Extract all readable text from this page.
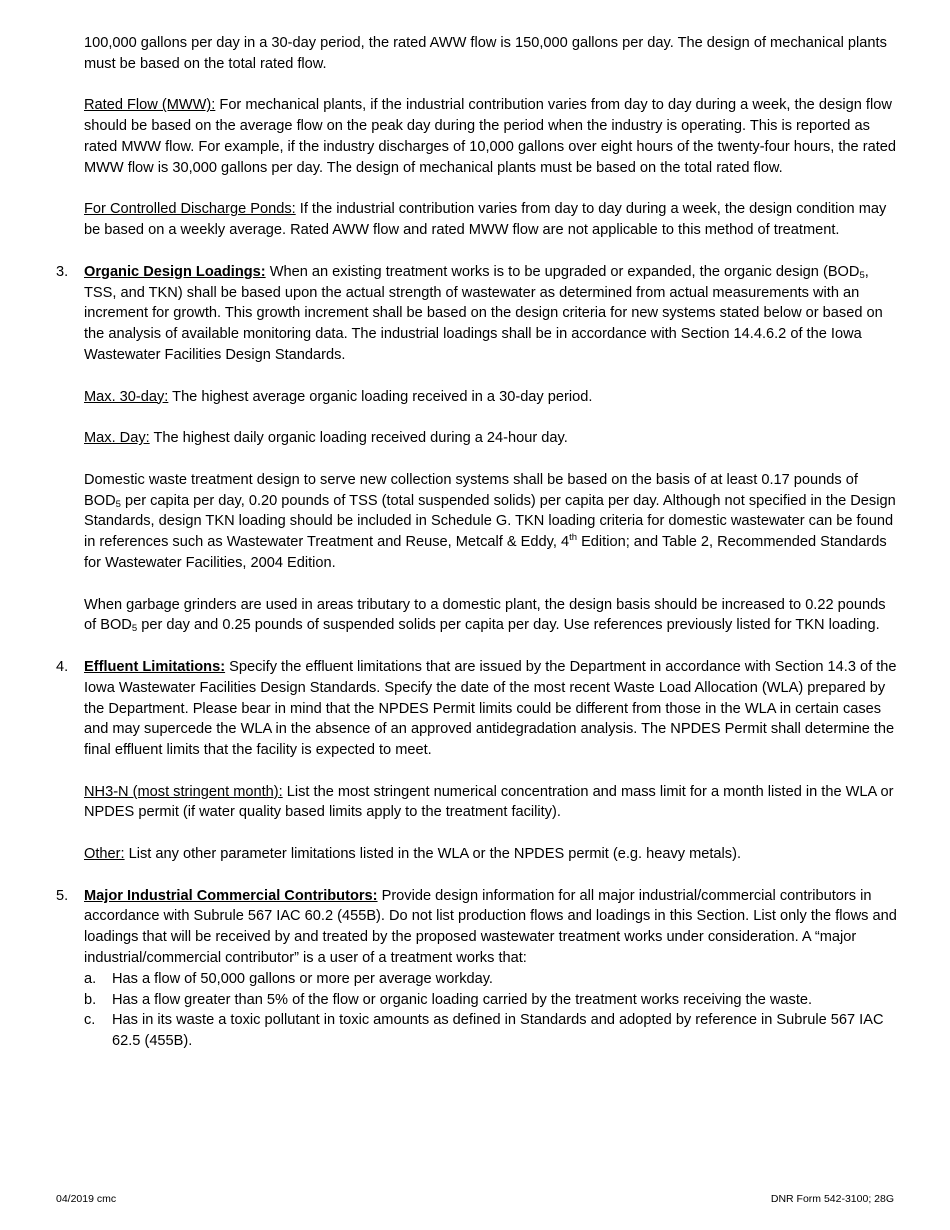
100,000 gallons per day in a 30-day period, the rated AWW flow is 150,000 gallons per day. The design of mechanical plants must be based on the total rated flow.

Rated Flow (MWW): For mechanical plants, if the industrial contribution varies from day to day during a week, the design flow should be based on the average flow on the peak day during the period when the industry is operating. This is reported as rated MWW flow. For example, if the industry discharges of 10,000 gallons over eight hours of the twenty-four hours, the rated MWW flow is 30,000 gallons per day. The design of mechanical plants must be based on the total rated flow.

For Controlled Discharge Ponds: If the industrial contribution varies from day to day during a week, the design condition may be based on a weekly average. Rated AWW flow and rated MWW flow are not applicable to this method of treatment.

3. Organic Design Loadings: When an existing treatment works is to be upgraded or expanded, the organic design ($BOD_5$, TSS, and TKN) shall be based upon the actual strength of wastewater as determined from actual measurements with an increment for growth. This growth increment shall be based on the design criteria for new systems stated below or based on the analysis of available monitoring data. The industrial loadings shall be in accordance with Section 14.4.6.2 of the Iowa Wastewater Facilities Design Standards.

Max. 30-day: The highest average organic loading received in a 30-day period.

Max. Day: The highest daily organic loading received during a 24-hour day.

Domestic waste treatment design to serve new collection systems shall be based on the basis of at least 0.17 pounds of $BOD_5$ per capita per day, 0.20 pounds of TSS (total suspended solids) per capita per day. Although not specified in the Design Standards, design TKN loading should be included in Schedule G. TKN loading criteria for domestic wastewater can be found in references such as Wastewater Treatment and Reuse, Metcalf & Eddy, 4th Edition; and Table 2, Recommended Standards for Wastewater Facilities, 2004 Edition.

When garbage grinders are used in areas tributary to a domestic plant, the design basis should be increased to 0.22 pounds of $BOD_5$ per day and 0.25 pounds of suspended solids per capita per day. Use references previously listed for TKN loading.

4. Effluent Limitations: Specify the effluent limitations that are issued by the Department in accordance with Section 14.3 of the Iowa Wastewater Facilities Design Standards. Specify the date of the most recent Waste Load Allocation (WLA) prepared by the Department. Please bear in mind that the NPDES Permit limits could be different from those in the WLA in certain cases and may supercede the WLA in the absence of an approved antidegradation analysis. The NPDES Permit shall determine the final effluent limits that the facility is expected to meet.

NH3-N (most stringent month): List the most stringent numerical concentration and mass limit for a month listed in the WLA or NPDES permit (if water quality based limits apply to the treatment facility).

Other: List any other parameter limitations listed in the WLA or the NPDES permit (e.g. heavy metals).

5. Major Industrial Commercial Contributors: Provide design information for all major industrial/commercial contributors in accordance with Subrule 567 IAC 60.2 (455B). Do not list production flows and loadings in this Section. List only the flows and loadings that will be received by and treated by the proposed wastewater treatment works under consideration. A “major industrial/commercial contributor” is a user of a treatment works that:

a. Has a flow of 50,000 gallons or more per average workday.
b. Has a flow greater than 5% of the flow or organic loading carried by the treatment works receiving the waste.
c. Has in its waste a toxic pollutant in toxic amounts as defined in Standards and adopted by reference in Subrule 567 IAC 62.5 (455B).
04/2019 cmc	DNR Form 542-3100; 28G
